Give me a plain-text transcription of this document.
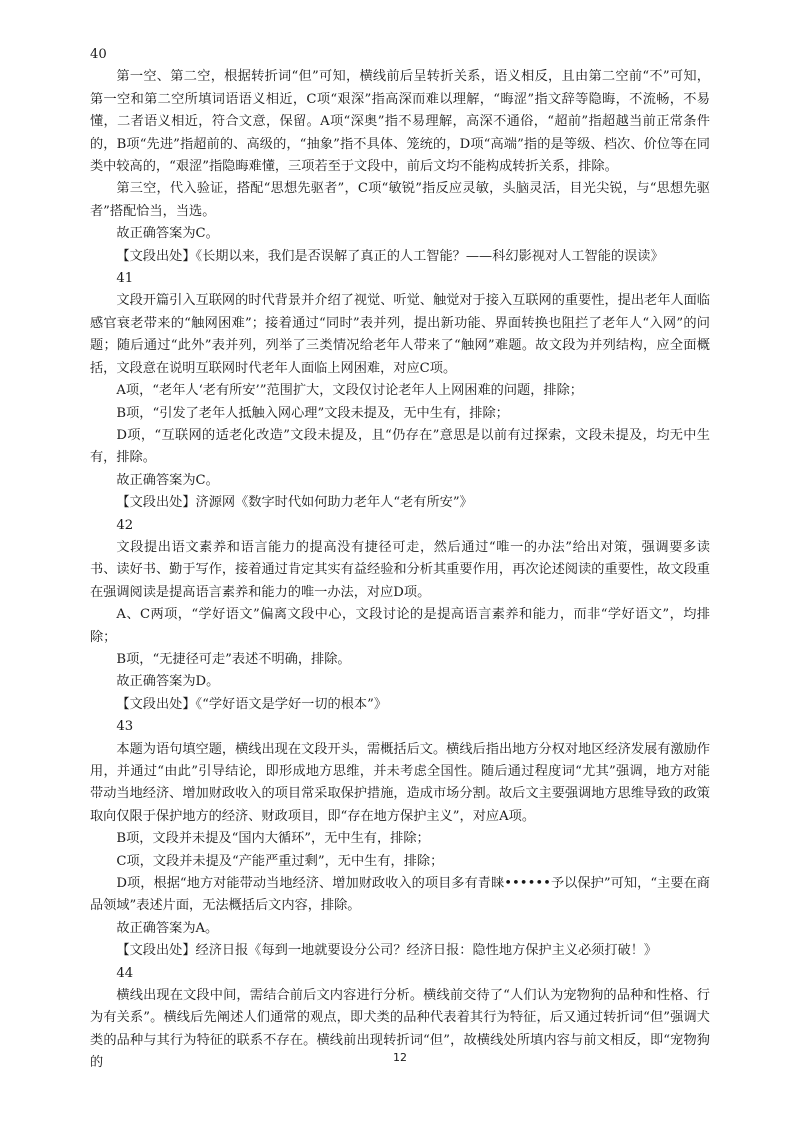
40

第一空、第二空，根据转折词“但”可知，横线前后呈转折关系，语义相反，且由第二空前“不”可知，第一空和第二空所填词语语义相近，C项“艰深”指高深而难以理解，“晦涩”指文辞等隐晦，不流畅，不易懂，二者语义相近，符合文意，保留。A项“深奥”指不易理解，高深不通俗，“超前”指超越当前正常条件的，B项“先进”指超前的、高级的，“抽象”指不具体、笼统的，D项“高端”指的是等级、档次、价位等在同类中较高的，“艰涩”指隐晦难懂，三项若至于文段中，前后文均不能构成转折关系，排除。

第三空，代入验证，搭配“思想先驱者”，C项“敏锐”指反应灵敏，头脑灵活，目光尖锐，与“思想先驱者”搭配恰当，当选。

故正确答案为C。

【文段出处】《长期以来，我们是否误解了真正的人工智能？——科幻影视对人工智能的误读》

41

文段开篇引入互联网的时代背景并介绍了视觉、听觉、触觉对于接入互联网的重要性，提出老年人面临感官衰老带来的“触网困难”；接着通过“同时”表并列，提出新功能、界面转换也阻拦了老年人“入网”的问题；随后通过“此外”表并列，列举了三类情况给老年人带来了“触网”难题。故文段为并列结构，应全面概括，文段意在说明互联网时代老年人面临上网困难，对应C项。

A项，“老年人‘老有所安’”范围扩大，文段仅讨论老年人上网困难的问题，排除；

B项，“引发了老年人抵触入网心理”文段未提及，无中生有，排除；

D项，“互联网的适老化改造”文段未提及，且“仍存在”意思是以前有过探索，文段未提及，均无中生有，排除。

故正确答案为C。

【文段出处】济源网《数字时代如何助力老年人“老有所安”》

42

文段提出语文素养和语言能力的提高没有捷径可走，然后通过“唯一的办法”给出对策，强调要多读书、读好书、勤于写作，接着通过肯定其实有益经验和分析其重要作用，再次论述阅读的重要性，故文段重在强调阅读是提高语言素养和能力的唯一办法，对应D项。

A、C两项，“学好语文”偏离文段中心，文段讨论的是提高语言素养和能力，而非“学好语文”，均排除；

B项，“无捷径可走”表述不明确，排除。

故正确答案为D。

【文段出处】《“学好语文是学好一切的根本”》

43

本题为语句填空题，横线出现在文段开头，需概括后文。横线后指出地方分权对地区经济发展有激励作用，并通过“由此”引导结论，即形成地方思维，并未考虑全国性。随后通过程度词“尤其”强调，地方对能带动当地经济、增加财政收入的项目常采取保护措施，造成市场分割。故后文主要强调地方思维导致的政策取向仅限于保护地方的经济、财政项目，即“存在地方保护主义”，对应A项。

B项，文段并未提及“国内大循环”，无中生有，排除；

C项，文段并未提及“产能严重过剩”，无中生有，排除；

D项，根据“地方对能带动当地经济、增加财政收入的项目多有青睐••••••予以保护”可知，“主要在商品领域”表述片面，无法概括后文内容，排除。

故正确答案为A。

【文段出处】经济日报《每到一地就要设分公司？经济日报：隐性地方保护主义必须打破！》

44

横线出现在文段中间，需结合前后文内容进行分析。横线前交待了“人们认为宠物狗的品种和性格、行为有关系”。横线后先阐述人们通常的观点，即犬类的品种代表着其行为特征，后又通过转折词“但”强调犬类的品种与其行为特征的联系不存在。横线前出现转折词“但”，故横线处所填内容与前文相反，即“宠物狗的	12
